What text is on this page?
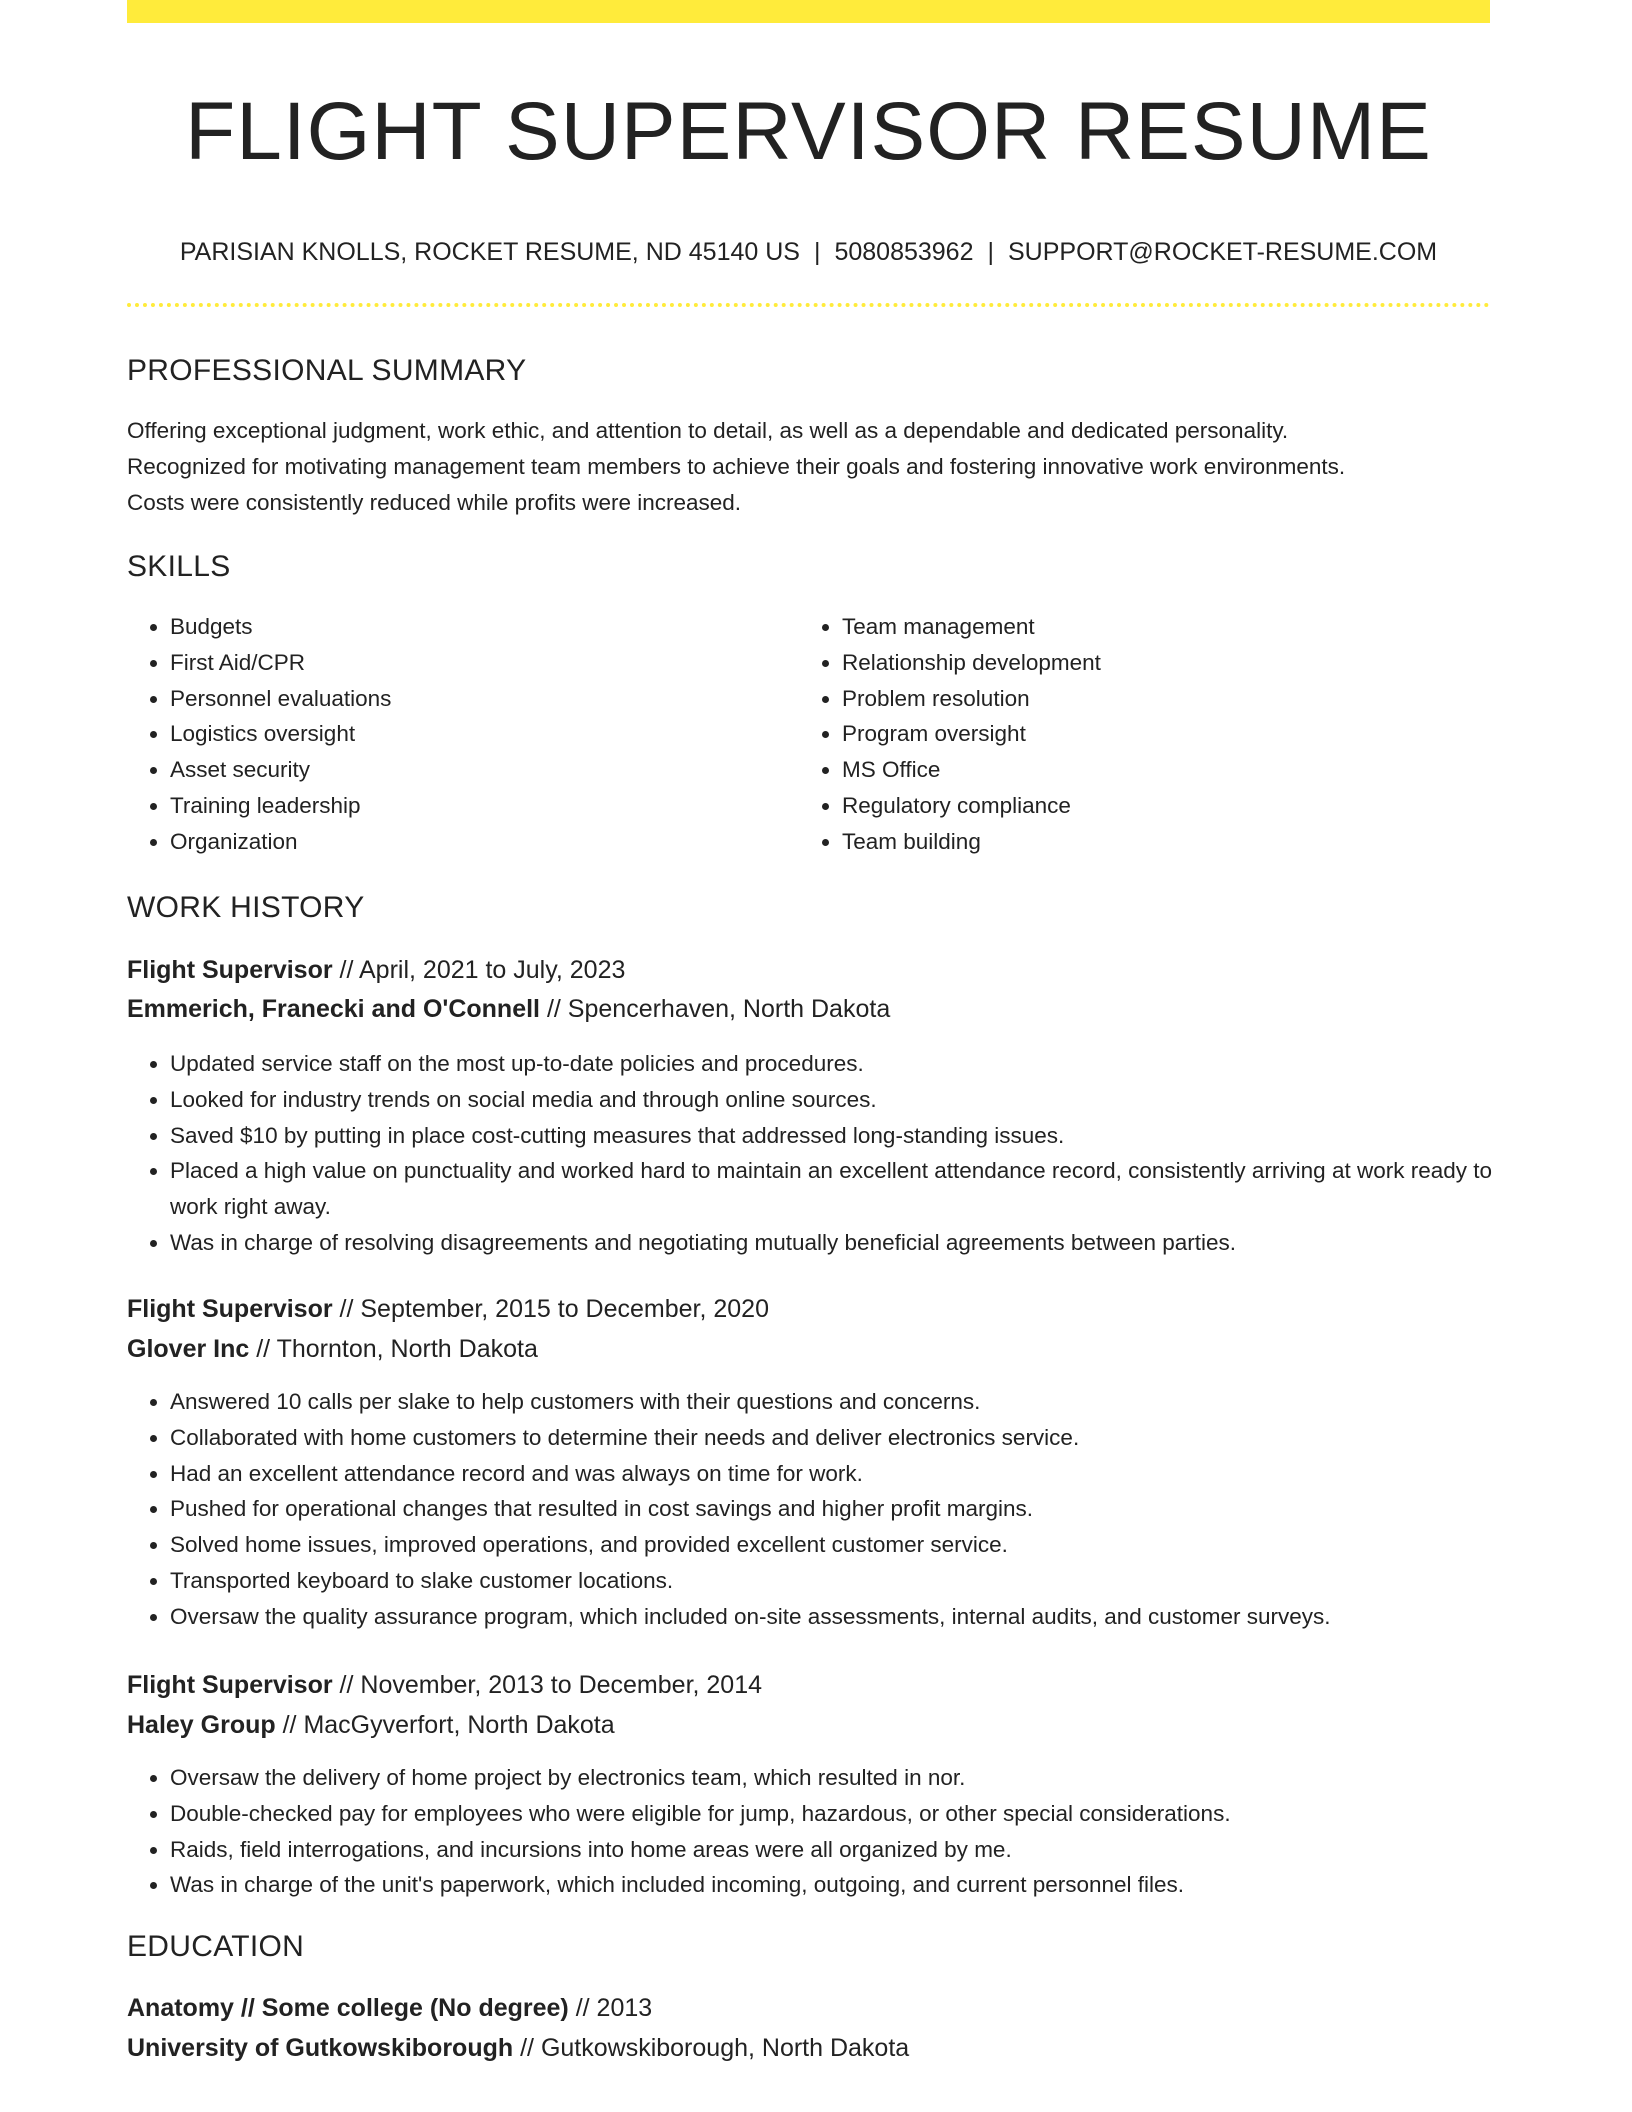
FLIGHT SUPERVISOR RESUME
PARISIAN KNOLLS, ROCKET RESUME, ND 45140 US | 5080853962 | SUPPORT@ROCKET-RESUME.COM
PROFESSIONAL SUMMARY
Offering exceptional judgment, work ethic, and attention to detail, as well as a dependable and dedicated personality.
Recognized for motivating management team members to achieve their goals and fostering innovative work environments.
Costs were consistently reduced while profits were increased.
SKILLS
• Budgets
• First Aid/CPR
• Personnel evaluations
• Logistics oversight
• Asset security
• Training leadership
• Organization
• Team management
• Relationship development
• Problem resolution
• Program oversight
• MS Office
• Regulatory compliance
• Team building
WORK HISTORY
Flight Supervisor // April, 2021 to July, 2023
Emmerich, Franecki and O'Connell // Spencerhaven, North Dakota
• Updated service staff on the most up-to-date policies and procedures.
• Looked for industry trends on social media and through online sources.
• Saved $10 by putting in place cost-cutting measures that addressed long-standing issues.
• Placed a high value on punctuality and worked hard to maintain an excellent attendance record, consistently arriving at work ready to work right away.
• Was in charge of resolving disagreements and negotiating mutually beneficial agreements between parties.
Flight Supervisor // September, 2015 to December, 2020
Glover Inc // Thornton, North Dakota
• Answered 10 calls per slake to help customers with their questions and concerns.
• Collaborated with home customers to determine their needs and deliver electronics service.
• Had an excellent attendance record and was always on time for work.
• Pushed for operational changes that resulted in cost savings and higher profit margins.
• Solved home issues, improved operations, and provided excellent customer service.
• Transported keyboard to slake customer locations.
• Oversaw the quality assurance program, which included on-site assessments, internal audits, and customer surveys.
Flight Supervisor // November, 2013 to December, 2014
Haley Group // MacGyverfort, North Dakota
• Oversaw the delivery of home project by electronics team, which resulted in nor.
• Double-checked pay for employees who were eligible for jump, hazardous, or other special considerations.
• Raids, field interrogations, and incursions into home areas were all organized by me.
• Was in charge of the unit's paperwork, which included incoming, outgoing, and current personnel files.
EDUCATION
Anatomy // Some college (No degree) // 2013
University of Gutkowskiborough // Gutkowskiborough, North Dakota
